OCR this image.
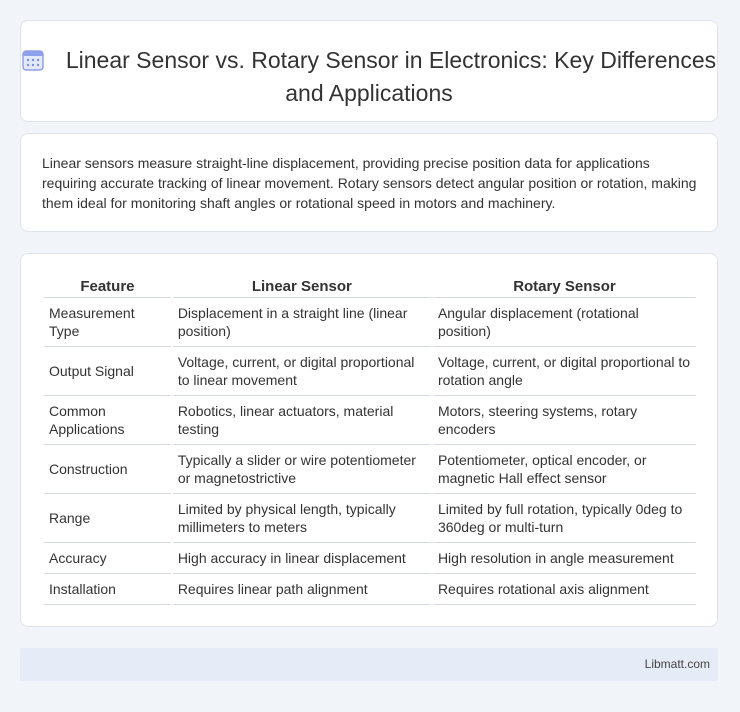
Linear Sensor vs. Rotary Sensor in Electronics: Key Differences and Applications
Linear sensors measure straight-line displacement, providing precise position data for applications requiring accurate tracking of linear movement. Rotary sensors detect angular position or rotation, making them ideal for monitoring shaft angles or rotational speed in motors and machinery.
Feature	Linear Sensor	Rotary Sensor
Measurement Type	Displacement in a straight line (linear position)	Angular displacement (rotational position)
Output Signal	Voltage, current, or digital proportional to linear movement	Voltage, current, or digital proportional to rotation angle
Common Applications	Robotics, linear actuators, material testing	Motors, steering systems, rotary encoders
Construction	Typically a slider or wire potentiometer or magnetostrictive	Potentiometer, optical encoder, or magnetic Hall effect sensor
Range	Limited by physical length, typically millimeters to meters	Limited by full rotation, typically 0deg to 360deg or multi-turn
Accuracy	High accuracy in linear displacement	High resolution in angle measurement
Installation	Requires linear path alignment	Requires rotational axis alignment
Libmatt.com
